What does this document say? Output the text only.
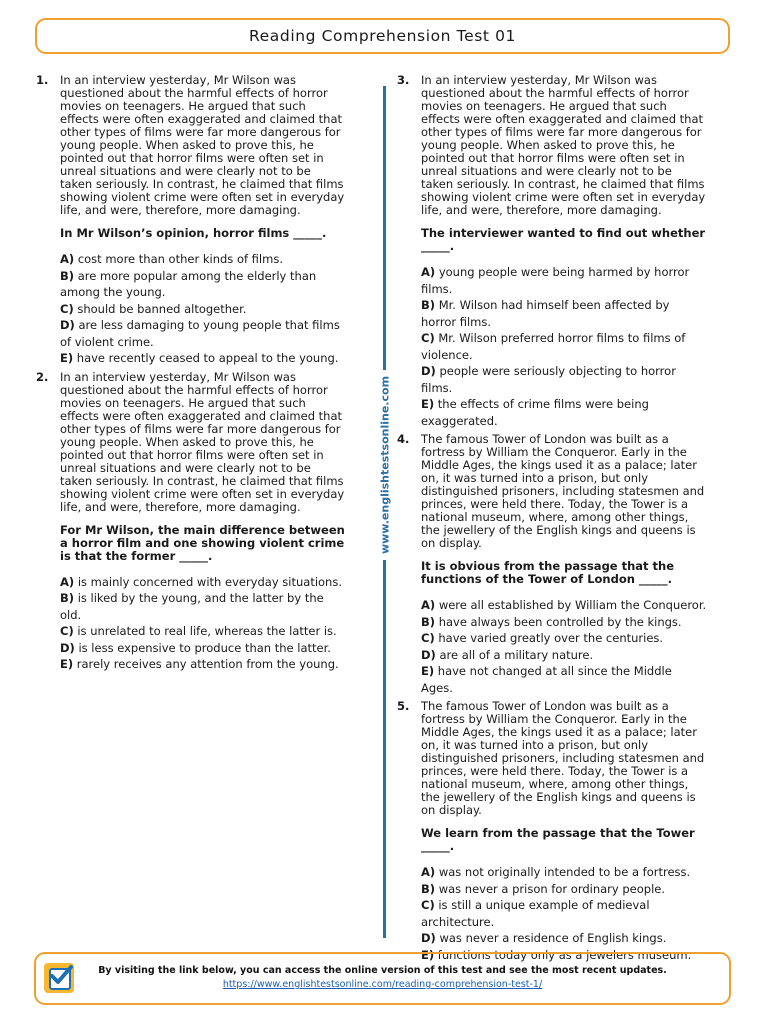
Reading Comprehension Test 01
1. In an interview yesterday, Mr Wilson was questioned about the harmful effects of horror movies on teenagers. He argued that such effects were often exaggerated and claimed that other types of films were far more dangerous for young people. When asked to prove this, he pointed out that horror films were often set in unreal situations and were clearly not to be taken seriously. In contrast, he claimed that films showing violent crime were often set in everyday life, and were, therefore, more damaging.

In Mr Wilson’s opinion, horror films _____.
A) cost more than other kinds of films.
B) are more popular among the elderly than among the young.
C) should be banned altogether.
D) are less damaging to young people that films of violent crime.
E) have recently ceased to appeal to the young.
2. In an interview yesterday, Mr Wilson was questioned about the harmful effects of horror movies on teenagers. He argued that such effects were often exaggerated and claimed that other types of films were far more dangerous for young people. When asked to prove this, he pointed out that horror films were often set in unreal situations and were clearly not to be taken seriously. In contrast, he claimed that films showing violent crime were often set in everyday life, and were, therefore, more damaging.

For Mr Wilson, the main difference between a horror film and one showing violent crime is that the former _____.
A) is mainly concerned with everyday situations.
B) is liked by the young, and the latter by the old.
C) is unrelated to real life, whereas the latter is.
D) is less expensive to produce than the latter.
E) rarely receives any attention from the young.
www.englishtestsonline.com
3. In an interview yesterday, Mr Wilson was questioned about the harmful effects of horror movies on teenagers. He argued that such effects were often exaggerated and claimed that other types of films were far more dangerous for young people. When asked to prove this, he pointed out that horror films were often set in unreal situations and were clearly not to be taken seriously. In contrast, he claimed that films showing violent crime were often set in everyday life, and were, therefore, more damaging.

The interviewer wanted to find out whether _____.
A) young people were being harmed by horror films.
B) Mr. Wilson had himself been affected by horror films.
C) Mr. Wilson preferred horror films to films of violence.
D) people were seriously objecting to horror films.
E) the effects of crime films were being exaggerated.
4. The famous Tower of London was built as a fortress by William the Conqueror. Early in the Middle Ages, the kings used it as a palace; later on, it was turned into a prison, but only distinguished prisoners, including statesmen and princes, were held there. Today, the Tower is a national museum, where, among other things, the jewellery of the English kings and queens is on display.

It is obvious from the passage that the functions of the Tower of London _____.
A) were all established by William the Conqueror.
B) have always been controlled by the kings.
C) have varied greatly over the centuries.
D) are all of a military nature.
E) have not changed at all since the Middle Ages.
5. The famous Tower of London was built as a fortress by William the Conqueror. Early in the Middle Ages, the kings used it as a palace; later on, it was turned into a prison, but only distinguished prisoners, including statesmen and princes, were held there. Today, the Tower is a national museum, where, among other things, the jewellery of the English kings and queens is on display.

We learn from the passage that the Tower _____.
A) was not originally intended to be a fortress.
B) was never a prison for ordinary people.
C) is still a unique example of medieval architecture.
D) was never a residence of English kings.
E) functions today only as a jewelers museum.
By visiting the link below, you can access the online version of this test and see the most recent updates.
https://www.englishtestsonline.com/reading-comprehension-test-1/
